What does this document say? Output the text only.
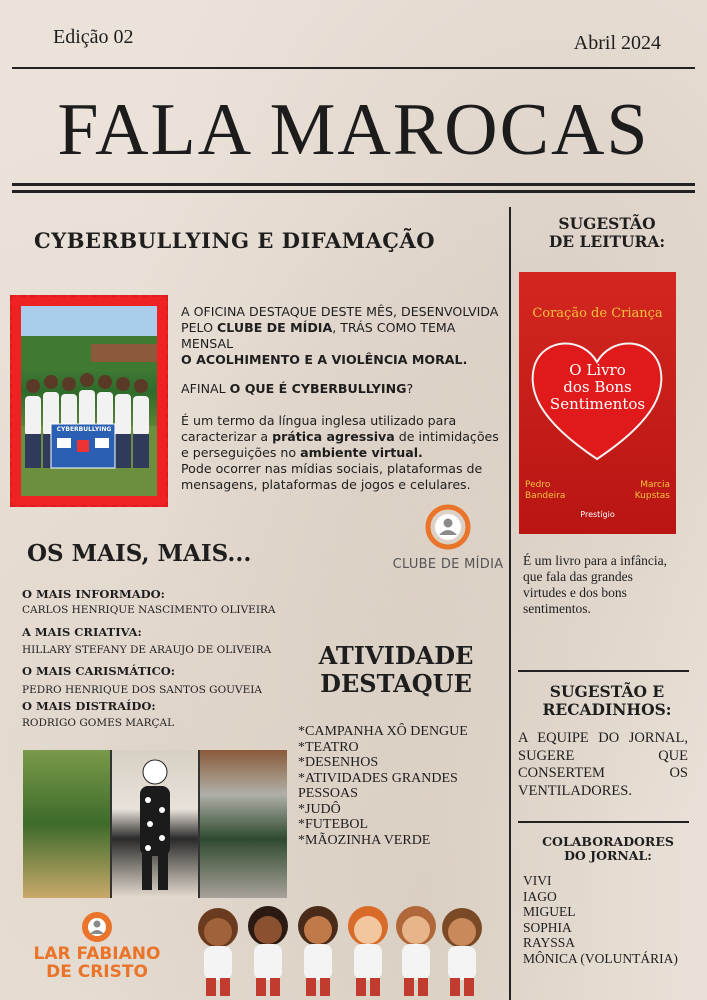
Edição 02	Abril 2024
FALA MAROCAS
CYBERBULLYING E DIFAMAÇÃO
CYBERBULLYING
A OFICINA DESTAQUE DESTE MÊS, DESENVOLVIDA PELO CLUBE DE MÍDIA, TRÁS COMO TEMA MENSAL
O ACOLHIMENTO E A VIOLÊNCIA MORAL.
AFINAL O QUE É CYBERBULLYING?
É um termo da língua inglesa utilizado para caracterizar a prática agressiva de intimidações e perseguições no ambiente virtual.
Pode ocorrer nas mídias sociais, plataformas de mensagens, plataformas de jogos e celulares.
CLUBE DE MÍDIA
OS MAIS, MAIS...
O MAIS INFORMADO:
CARLOS HENRIQUE NASCIMENTO OLIVEIRA
A MAIS CRIATIVA:
HILLARY STEFANY DE ARAUJO DE OLIVEIRA
O MAIS CARISMÁTICO:
PEDRO HENRIQUE DOS SANTOS GOUVEIA
O MAIS DISTRAÍDO:
RODRIGO GOMES MARÇAL
ATIVIDADE
DESTAQUE
*CAMPANHA XÔ DENGUE
*TEATRO
*DESENHOS
*ATIVIDADES GRANDES
PESSOAS
*JUDÔ
*FUTEBOL
*MÃOZINHA VERDE
LAR FABIANO
DE CRISTO
SUGESTÃO
DE LEITURA:
Coração de Criança
O Livro
dos Bons
Sentimentos
Pedro
Bandeira
Marcia
Kupstas
Prestígio
É um livro para a infância, que fala das grandes virtudes e dos bons sentimentos.
SUGESTÃO E
RECADINHOS:
A EQUIPE DO JORNAL, SUGERE QUE CONSERTEM OS VENTILADORES.
COLABORADORES
DO JORNAL:
VIVI
IAGO
MIGUEL
SOPHIA
RAYSSA
MÔNICA (VOLUNTÁRIA)
